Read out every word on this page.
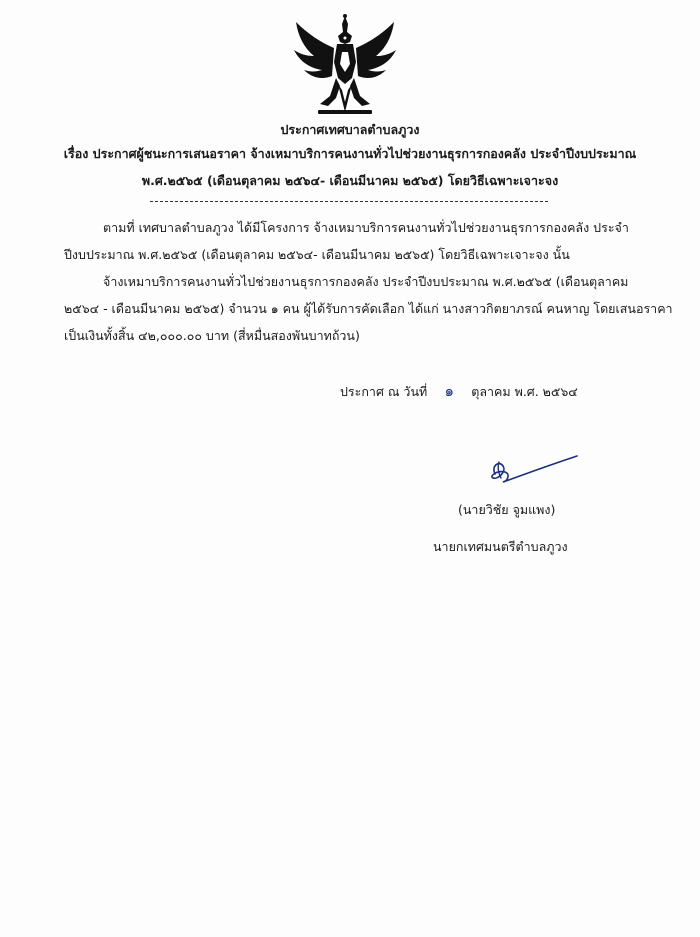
ประกาศเทศบาลตำบลภูวง
เรื่อง ประกาศผู้ชนะการเสนอราคา จ้างเหมาบริการคนงานทั่วไปช่วยงานธุรการกองคลัง ประจำปีงบประมาณ
พ.ศ.๒๕๖๕ (เดือนตุลาคม ๒๕๖๔- เดือนมีนาคม ๒๕๖๕) โดยวิธีเฉพาะเจาะจง
ตามที่ เทศบาลตำบลภูวง ได้มีโครงการ จ้างเหมาบริการคนงานทั่วไปช่วยงานธุรการกองคลัง ประจำ
ปีงบประมาณ พ.ศ.๒๕๖๕ (เดือนตุลาคม ๒๕๖๔- เดือนมีนาคม ๒๕๖๕) โดยวิธีเฉพาะเจาะจง นั้น
จ้างเหมาบริการคนงานทั่วไปช่วยงานธุรการกองคลัง ประจำปีงบประมาณ พ.ศ.๒๕๖๕ (เดือนตุลาคม
๒๕๖๔ - เดือนมีนาคม ๒๕๖๕) จำนวน ๑ คน ผู้ได้รับการคัดเลือก ได้แก่ นางสาวกิตยาภรณ์ คนหาญ โดยเสนอราคา
เป็นเงินทั้งสิ้น ๔๒,๐๐๐.๐๐ บาท (สี่หมื่นสองพันบาทถ้วน)
ประกาศ ณ วันที่ ๑ ตุลาคม พ.ศ. ๒๕๖๔
(นายวิชัย จูมแพง)
นายกเทศมนตรีตำบลภูวง
